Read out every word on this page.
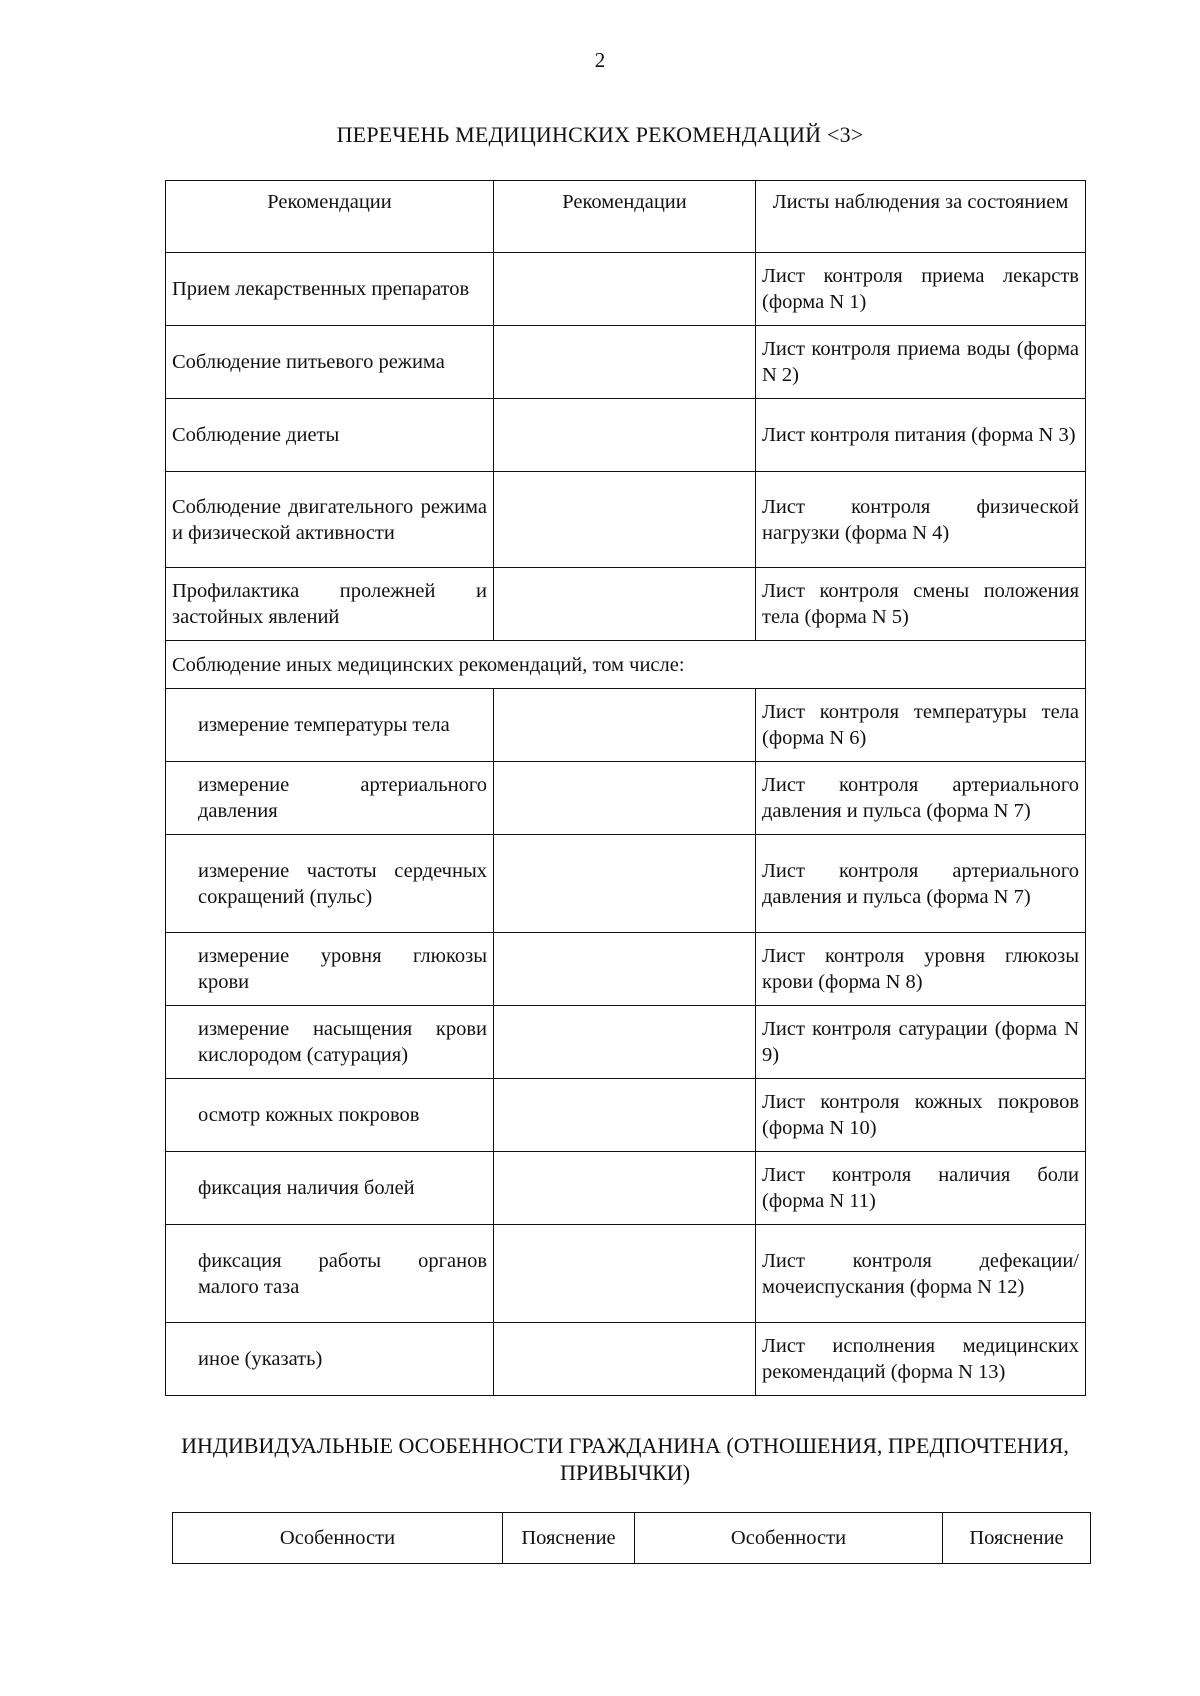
2
ПЕРЕЧЕНЬ МЕДИЦИНСКИХ РЕКОМЕНДАЦИЙ <3>
Рекомендации	Рекомендации	Листы наблюдения за состоянием
Прием лекарственных препаратов		Лист контроля приема лекарств (форма N 1)
Соблюдение питьевого режима		Лист контроля приема воды (форма N 2)
Соблюдение диеты		Лист контроля питания (форма N 3)
Соблюдение двигательного режима и физической активности		Лист контроля физической нагрузки (форма N 4)
Профилактика пролежней и застойных явлений		Лист контроля смены положения тела (форма N 5)
Соблюдение иных медицинских рекомендаций, том числе:		
измерение температуры тела		Лист контроля температуры тела (форма N 6)
измерение артериального давления		Лист контроля артериального давления и пульса (форма N 7)
измерение частоты сердечных сокращений (пульс)		Лист контроля артериального давления и пульса (форма N 7)
измерение уровня глюкозы крови		Лист контроля уровня глюкозы крови (форма N 8)
измерение насыщения крови кислородом (сатурация)		Лист контроля сатурации (форма N 9)
осмотр кожных покровов		Лист контроля кожных покровов (форма N 10)
фиксация наличия болей		Лист контроля наличия боли (форма N 11)
фиксация работы органов малого таза		Лист контроля дефекации/мочеиспускания (форма N 12)
иное (указать)		Лист исполнения медицинских рекомендаций (форма N 13)
ИНДИВИДУАЛЬНЫЕ ОСОБЕННОСТИ ГРАЖДАНИНА (ОТНОШЕНИЯ, ПРЕДПОЧТЕНИЯ, ПРИВЫЧКИ)
Особенности	Пояснение	Особенности	Пояснение
